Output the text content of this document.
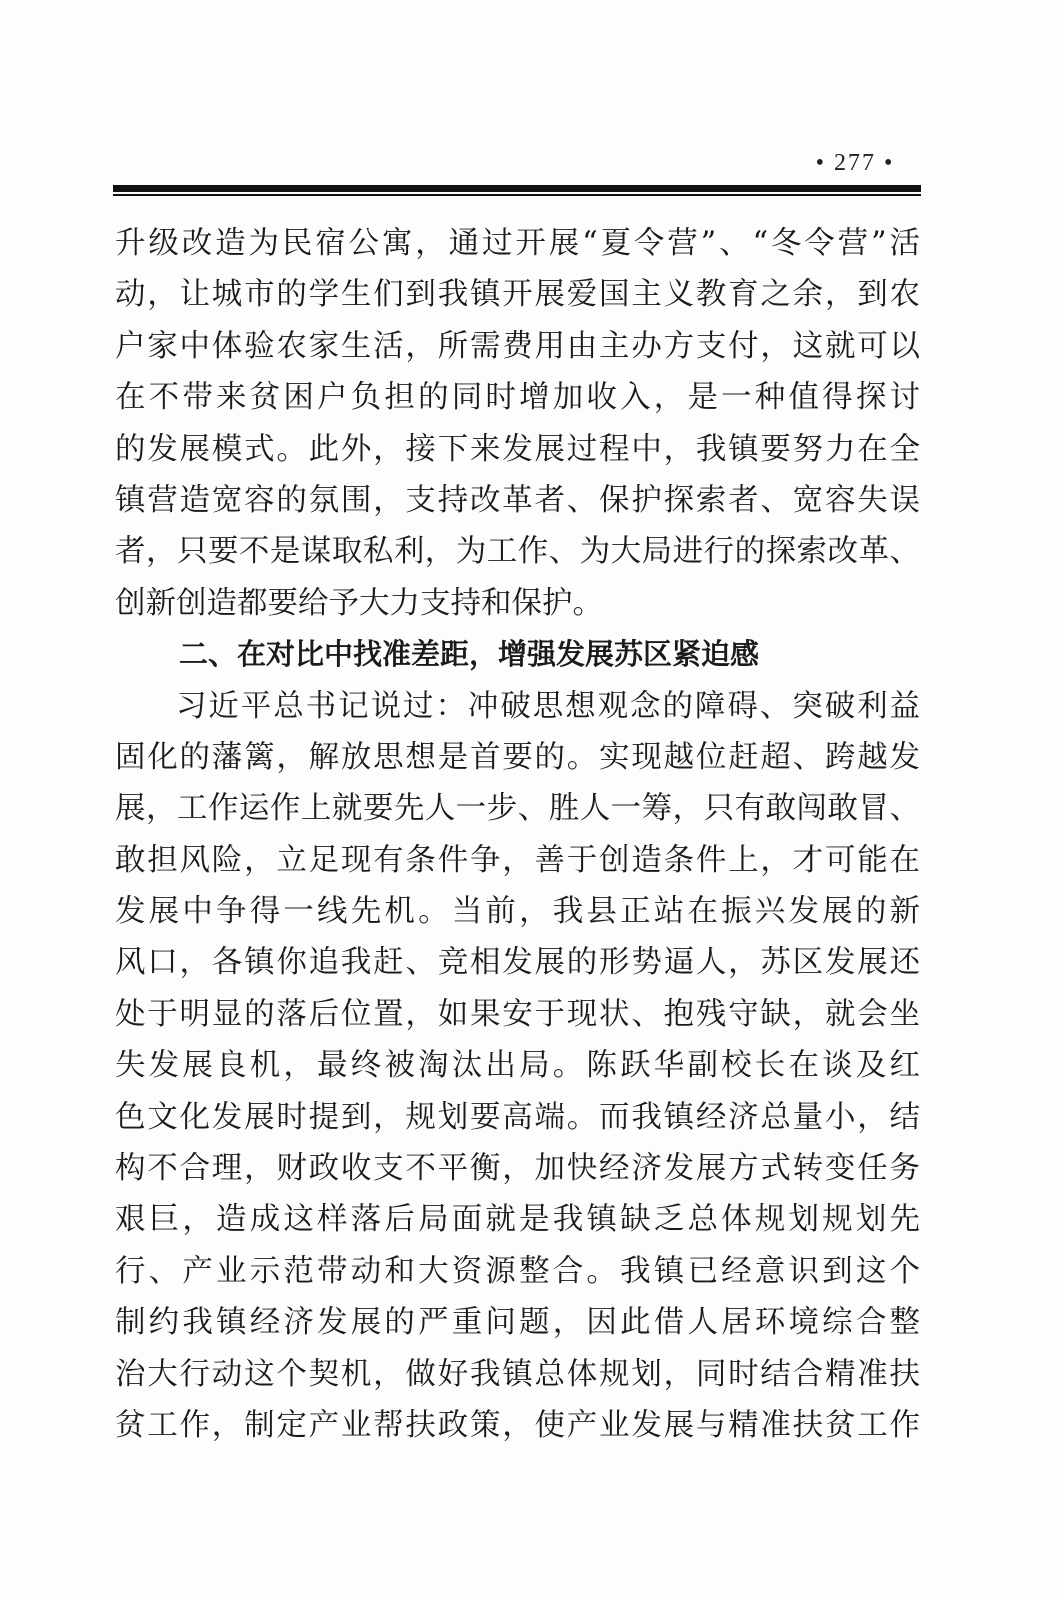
• 277 •
升级改造为民宿公寓，通过开展“夏令营”、“冬令营”活
动，让城市的学生们到我镇开展爱国主义教育之余，到农
户家中体验农家生活，所需费用由主办方支付，这就可以
在不带来贫困户负担的同时增加收入，是一种值得探讨
的发展模式。此外，接下来发展过程中，我镇要努力在全
镇营造宽容的氛围，支持改革者、保护探索者、宽容失误
者，只要不是谋取私利，为工作、为大局进行的探索改革、
创新创造都要给予大力支持和保护。
二、在对比中找准差距，增强发展苏区紧迫感
习近平总书记说过：冲破思想观念的障碍、突破利益
固化的藩篱，解放思想是首要的。实现越位赶超、跨越发
展，工作运作上就要先人一步、胜人一筹，只有敢闯敢冒、
敢担风险，立足现有条件争，善于创造条件上，才可能在
发展中争得一线先机。当前，我县正站在振兴发展的新
风口，各镇你追我赶、竞相发展的形势逼人，苏区发展还
处于明显的落后位置，如果安于现状、抱残守缺，就会坐
失发展良机，最终被淘汰出局。陈跃华副校长在谈及红
色文化发展时提到，规划要高端。而我镇经济总量小，结
构不合理，财政收支不平衡，加快经济发展方式转变任务
艰巨，造成这样落后局面就是我镇缺乏总体规划规划先
行、产业示范带动和大资源整合。我镇已经意识到这个
制约我镇经济发展的严重问题，因此借人居环境综合整
治大行动这个契机，做好我镇总体规划，同时结合精准扶
贫工作，制定产业帮扶政策，使产业发展与精准扶贫工作
